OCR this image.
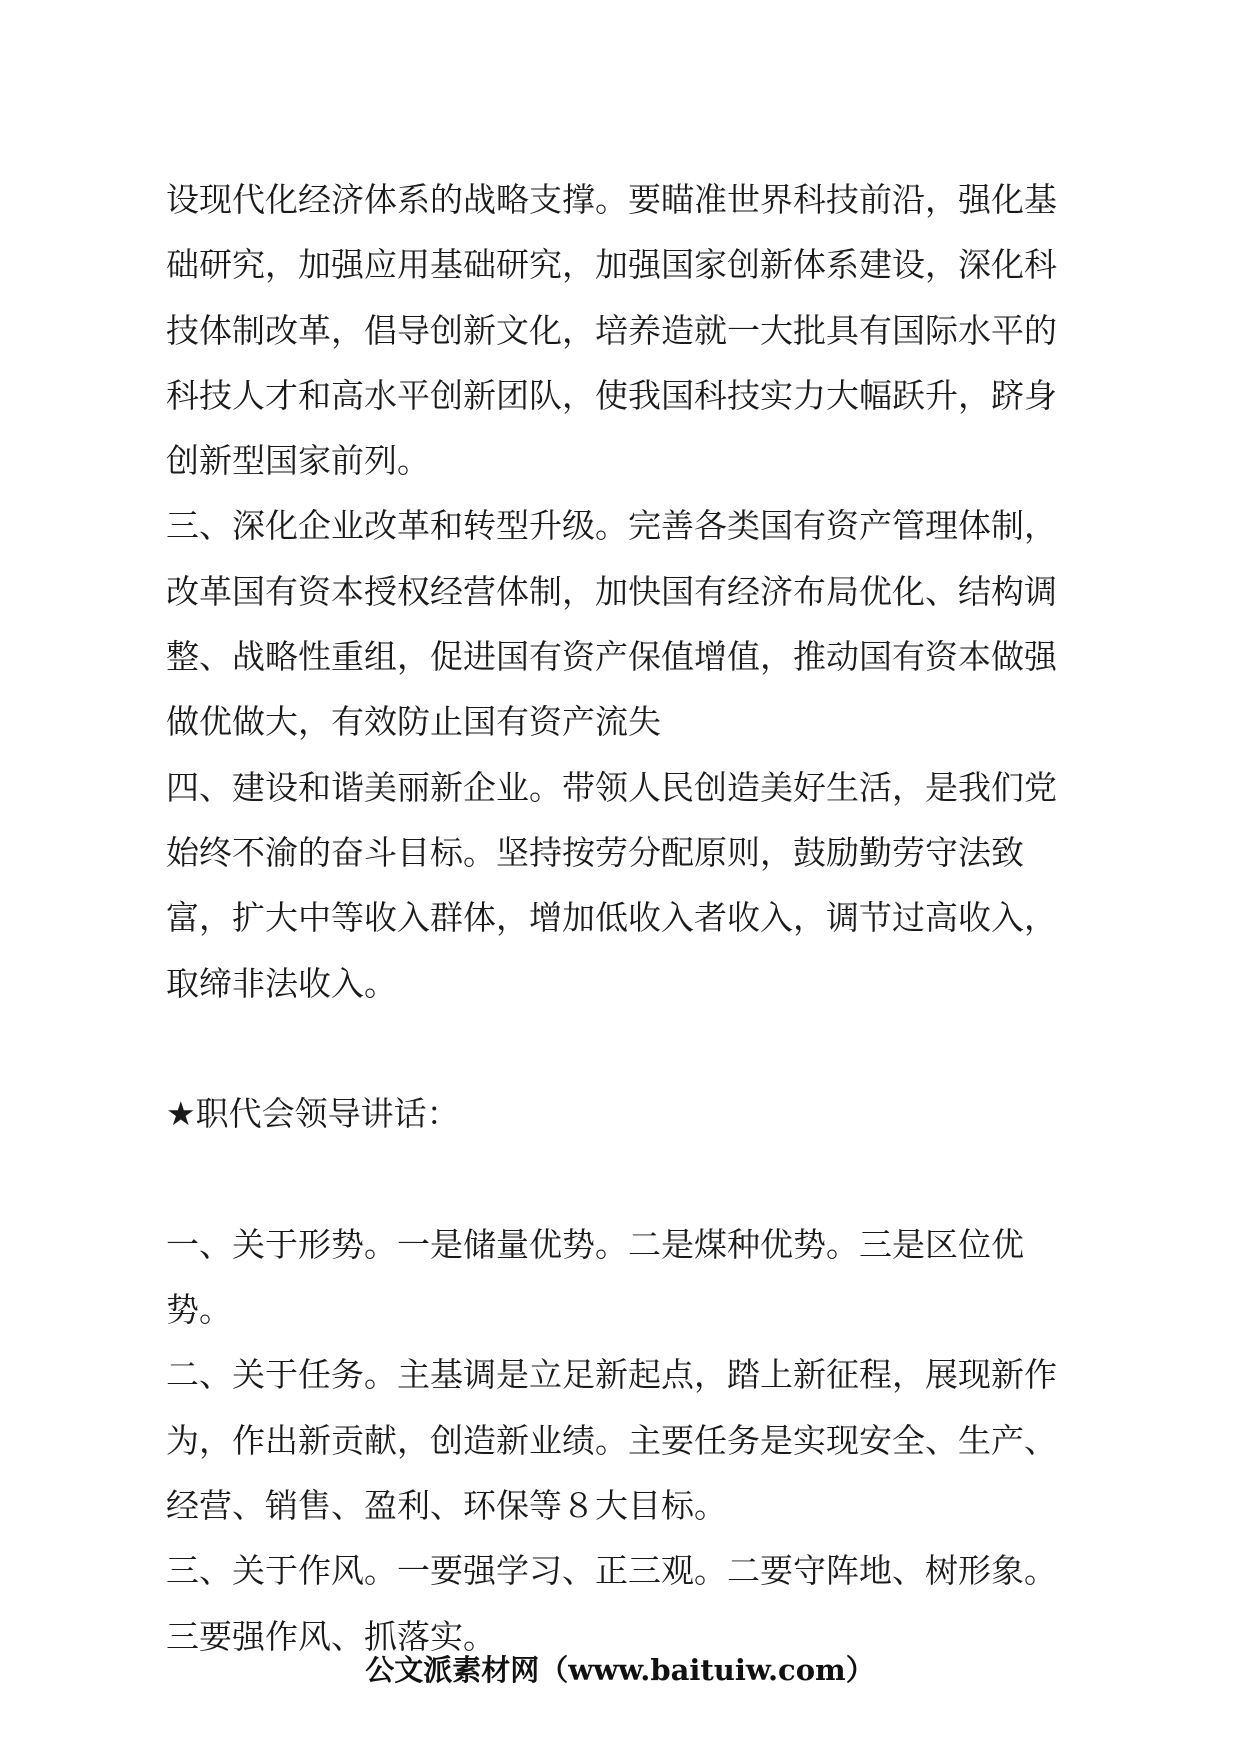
设现代化经济体系的战略支撑。要瞄准世界科技前沿，强化基础研究，加强应用基础研究，加强国家创新体系建设，深化科技体制改革，倡导创新文化，培养造就一大批具有国际水平的科技人才和高水平创新团队，使我国科技实力大幅跃升，跻身创新型国家前列。

三、深化企业改革和转型升级。完善各类国有资产管理体制，改革国有资本授权经营体制，加快国有经济布局优化、结构调整、战略性重组，促进国有资产保值增值，推动国有资本做强做优做大，有效防止国有资产流失

四、建设和谐美丽新企业。带领人民创造美好生活，是我们党始终不渝的奋斗目标。坚持按劳分配原则，鼓励勤劳守法致富，扩大中等收入群体，增加低收入者收入，调节过高收入，取缔非法收入。

★职代会领导讲话：

一、关于形势。一是储量优势。二是煤种优势。三是区位优势。

二、关于任务。主基调是立足新起点，踏上新征程，展现新作为，作出新贡献，创造新业绩。主要任务是实现安全、生产、经营、销售、盈利、环保等８大目标。

三、关于作风。一要强学习、正三观。二要守阵地、树形象。三要强作风、抓落实。

公文派素材网（www.baituiw.com）
